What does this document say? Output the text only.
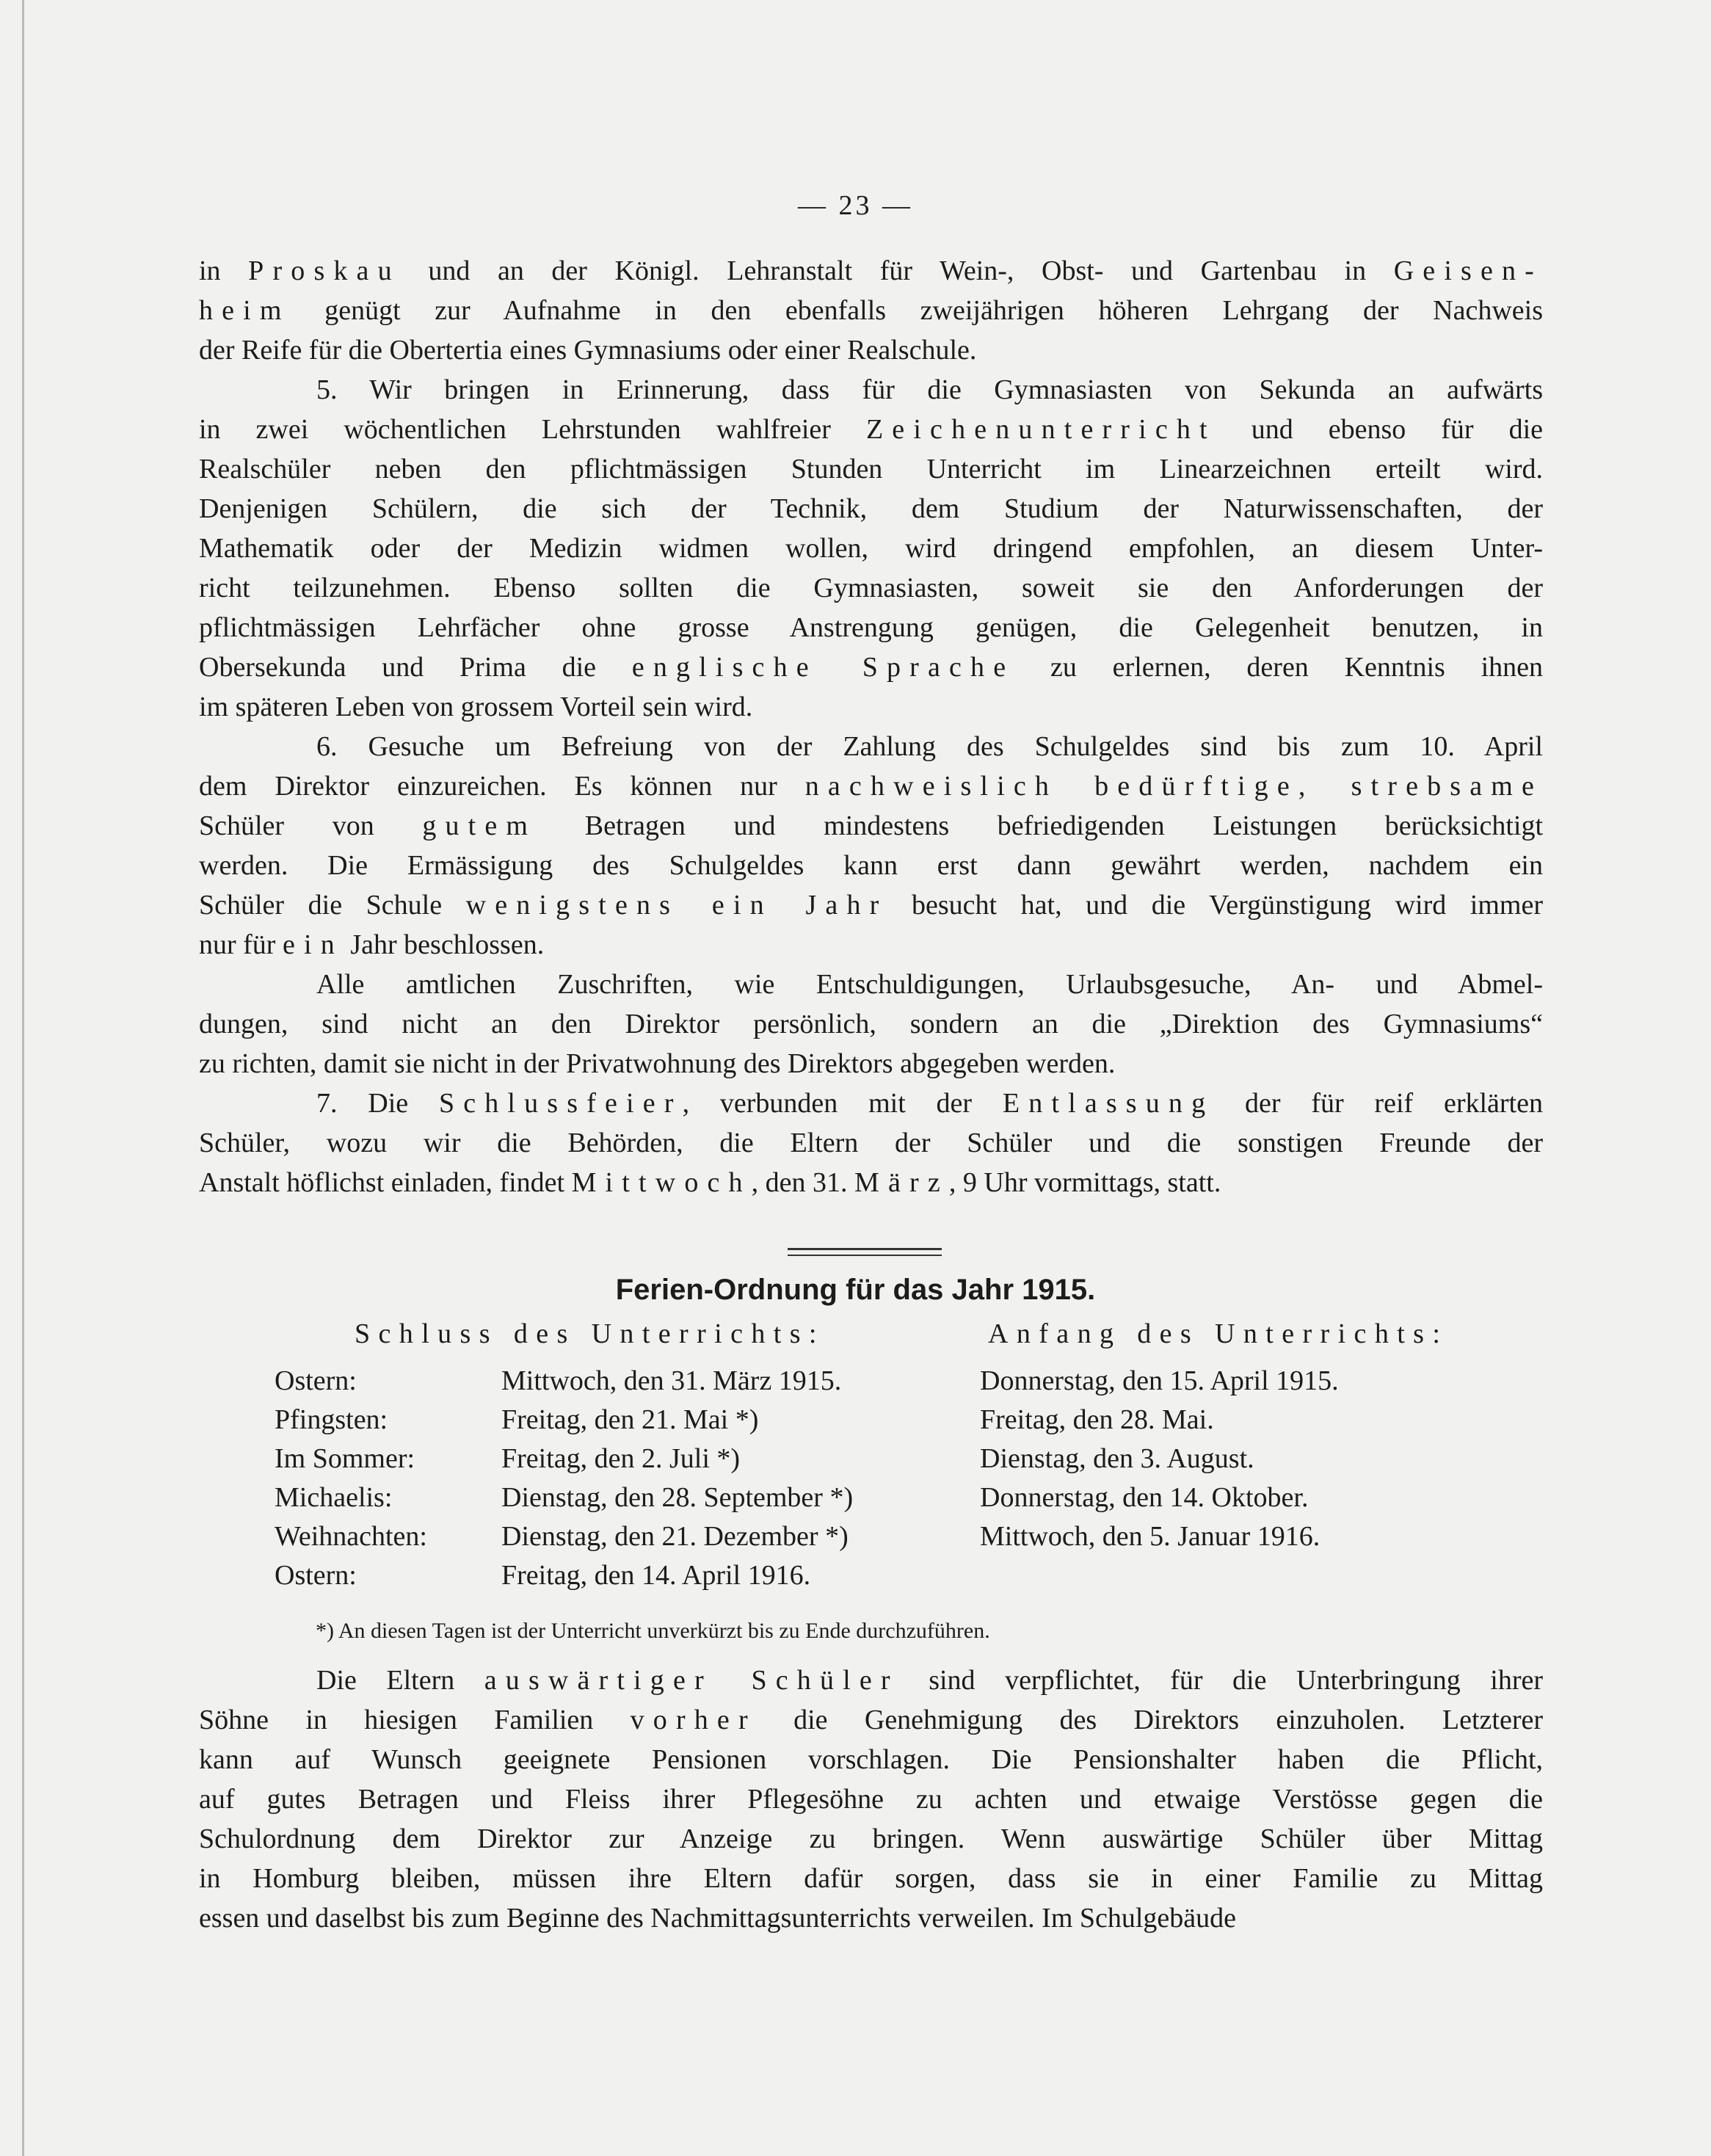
— 23 —
in Proskau und an der Königl. Lehranstalt für Wein-, Obst- und Gartenbau in Geisen-
heim genügt zur Aufnahme in den ebenfalls zweijährigen höheren Lehrgang der Nachweis
der Reife für die Obertertia eines Gymnasiums oder einer Realschule.
5. Wir bringen in Erinnerung, dass für die Gymnasiasten von Sekunda an aufwärts
in zwei wöchentlichen Lehrstunden wahlfreier Zeichenunterricht und ebenso für die
Realschüler neben den pflichtmässigen Stunden Unterricht im Linearzeichnen erteilt wird.
Denjenigen Schülern, die sich der Technik, dem Studium der Naturwissenschaften, der
Mathematik oder der Medizin widmen wollen, wird dringend empfohlen, an diesem Unter-
richt teilzunehmen. Ebenso sollten die Gymnasiasten, soweit sie den Anforderungen der
pflichtmässigen Lehrfächer ohne grosse Anstrengung genügen, die Gelegenheit benutzen, in
Obersekunda und Prima die englische Sprache zu erlernen, deren Kenntnis ihnen
im späteren Leben von grossem Vorteil sein wird.
6. Gesuche um Befreiung von der Zahlung des Schulgeldes sind bis zum 10. April
dem Direktor einzureichen. Es können nur nachweislich bedürftige, strebsame
Schüler von gutem Betragen und mindestens befriedigenden Leistungen berücksichtigt
werden. Die Ermässigung des Schulgeldes kann erst dann gewährt werden, nachdem ein
Schüler die Schule wenigstens ein Jahr besucht hat, und die Vergünstigung wird immer
nur für ein Jahr beschlossen.
Alle amtlichen Zuschriften, wie Entschuldigungen, Urlaubsgesuche, An- und Abmel-
dungen, sind nicht an den Direktor persönlich, sondern an die „Direktion des Gymnasiums“
zu richten, damit sie nicht in der Privatwohnung des Direktors abgegeben werden.
7. Die Schlussfeier, verbunden mit der Entlassung der für reif erklärten
Schüler, wozu wir die Behörden, die Eltern der Schüler und die sonstigen Freunde der
Anstalt höflichst einladen, findet Mittwoch, den 31. März, 9 Uhr vormittags, statt.
Ferien-Ordnung für das Jahr 1915.
Schluss des Unterrichts:	Anfang des Unterrichts:
Ostern:	Mittwoch, den 31. März 1915.	Donnerstag, den 15. April 1915.
Pfingsten:	Freitag, den 21. Mai *)	Freitag, den 28. Mai.
Im Sommer:	Freitag, den 2. Juli *)	Dienstag, den 3. August.
Michaelis:	Dienstag, den 28. September *)	Donnerstag, den 14. Oktober.
Weihnachten:	Dienstag, den 21. Dezember *)	Mittwoch, den 5. Januar 1916.
Ostern:	Freitag, den 14. April 1916.
*) An diesen Tagen ist der Unterricht unverkürzt bis zu Ende durchzuführen.
Die Eltern auswärtiger Schüler sind verpflichtet, für die Unterbringung ihrer
Söhne in hiesigen Familien vorher die Genehmigung des Direktors einzuholen. Letzterer
kann auf Wunsch geeignete Pensionen vorschlagen. Die Pensionshalter haben die Pflicht,
auf gutes Betragen und Fleiss ihrer Pflegesöhne zu achten und etwaige Verstösse gegen die
Schulordnung dem Direktor zur Anzeige zu bringen. Wenn auswärtige Schüler über Mittag
in Homburg bleiben, müssen ihre Eltern dafür sorgen, dass sie in einer Familie zu Mittag
essen und daselbst bis zum Beginne des Nachmittagsunterrichts verweilen. Im Schulgebäude
